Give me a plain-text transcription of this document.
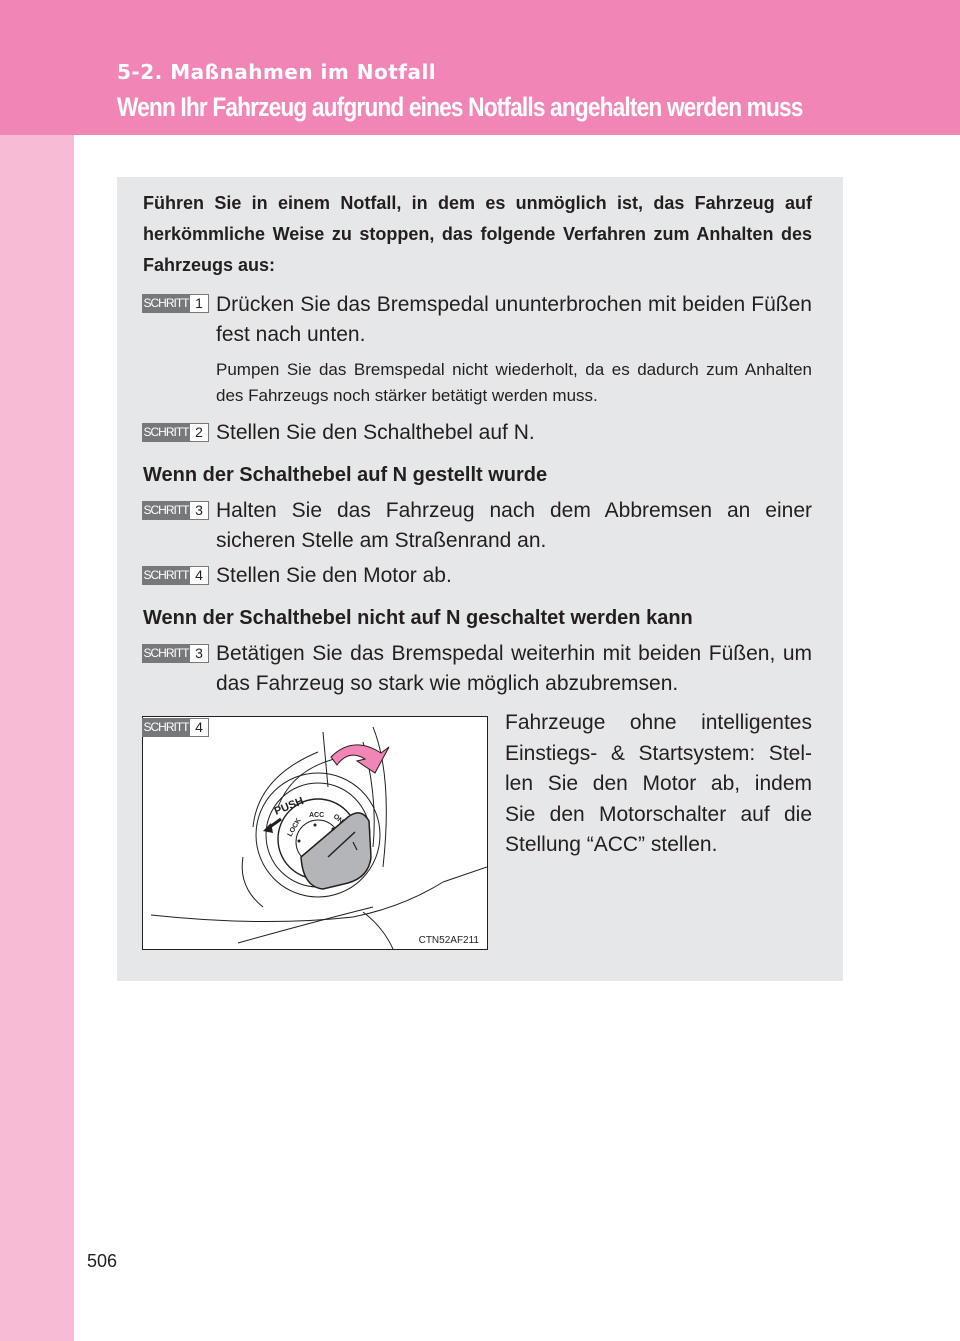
5-2. Maßnahmen im Notfall
Wenn Ihr Fahrzeug aufgrund eines Notfalls angehalten werden muss
Führen Sie in einem Notfall, in dem es unmöglich ist, das Fahrzeug auf herkömmliche Weise zu stoppen, das folgende Verfahren zum Anhalten des Fahrzeugs aus:
SCHRITT 1 Drücken Sie das Bremspedal ununterbrochen mit beiden Füßen fest nach unten.
Pumpen Sie das Bremspedal nicht wiederholt, da es dadurch zum Anhalten des Fahrzeugs noch stärker betätigt werden muss.
SCHRITT 2 Stellen Sie den Schalthebel auf N.
Wenn der Schalthebel auf N gestellt wurde
SCHRITT 3 Halten Sie das Fahrzeug nach dem Abbremsen an einer sicheren Stelle am Straßenrand an.
SCHRITT 4 Stellen Sie den Motor ab.
Wenn der Schalthebel nicht auf N geschaltet werden kann
SCHRITT 3 Betätigen Sie das Bremspedal weiterhin mit beiden Füßen, um das Fahrzeug so stark wie möglich abzubremsen.
PUSH
LOCK
ACC ON
CTN52AF211
SCHRITT 4	Fahrzeuge ohne intelligentes
Einstiegs- & Startsystem: Stel-
len Sie den Motor ab, indem
Sie den Motorschalter auf die
Stellung “ACC” stellen.
506
